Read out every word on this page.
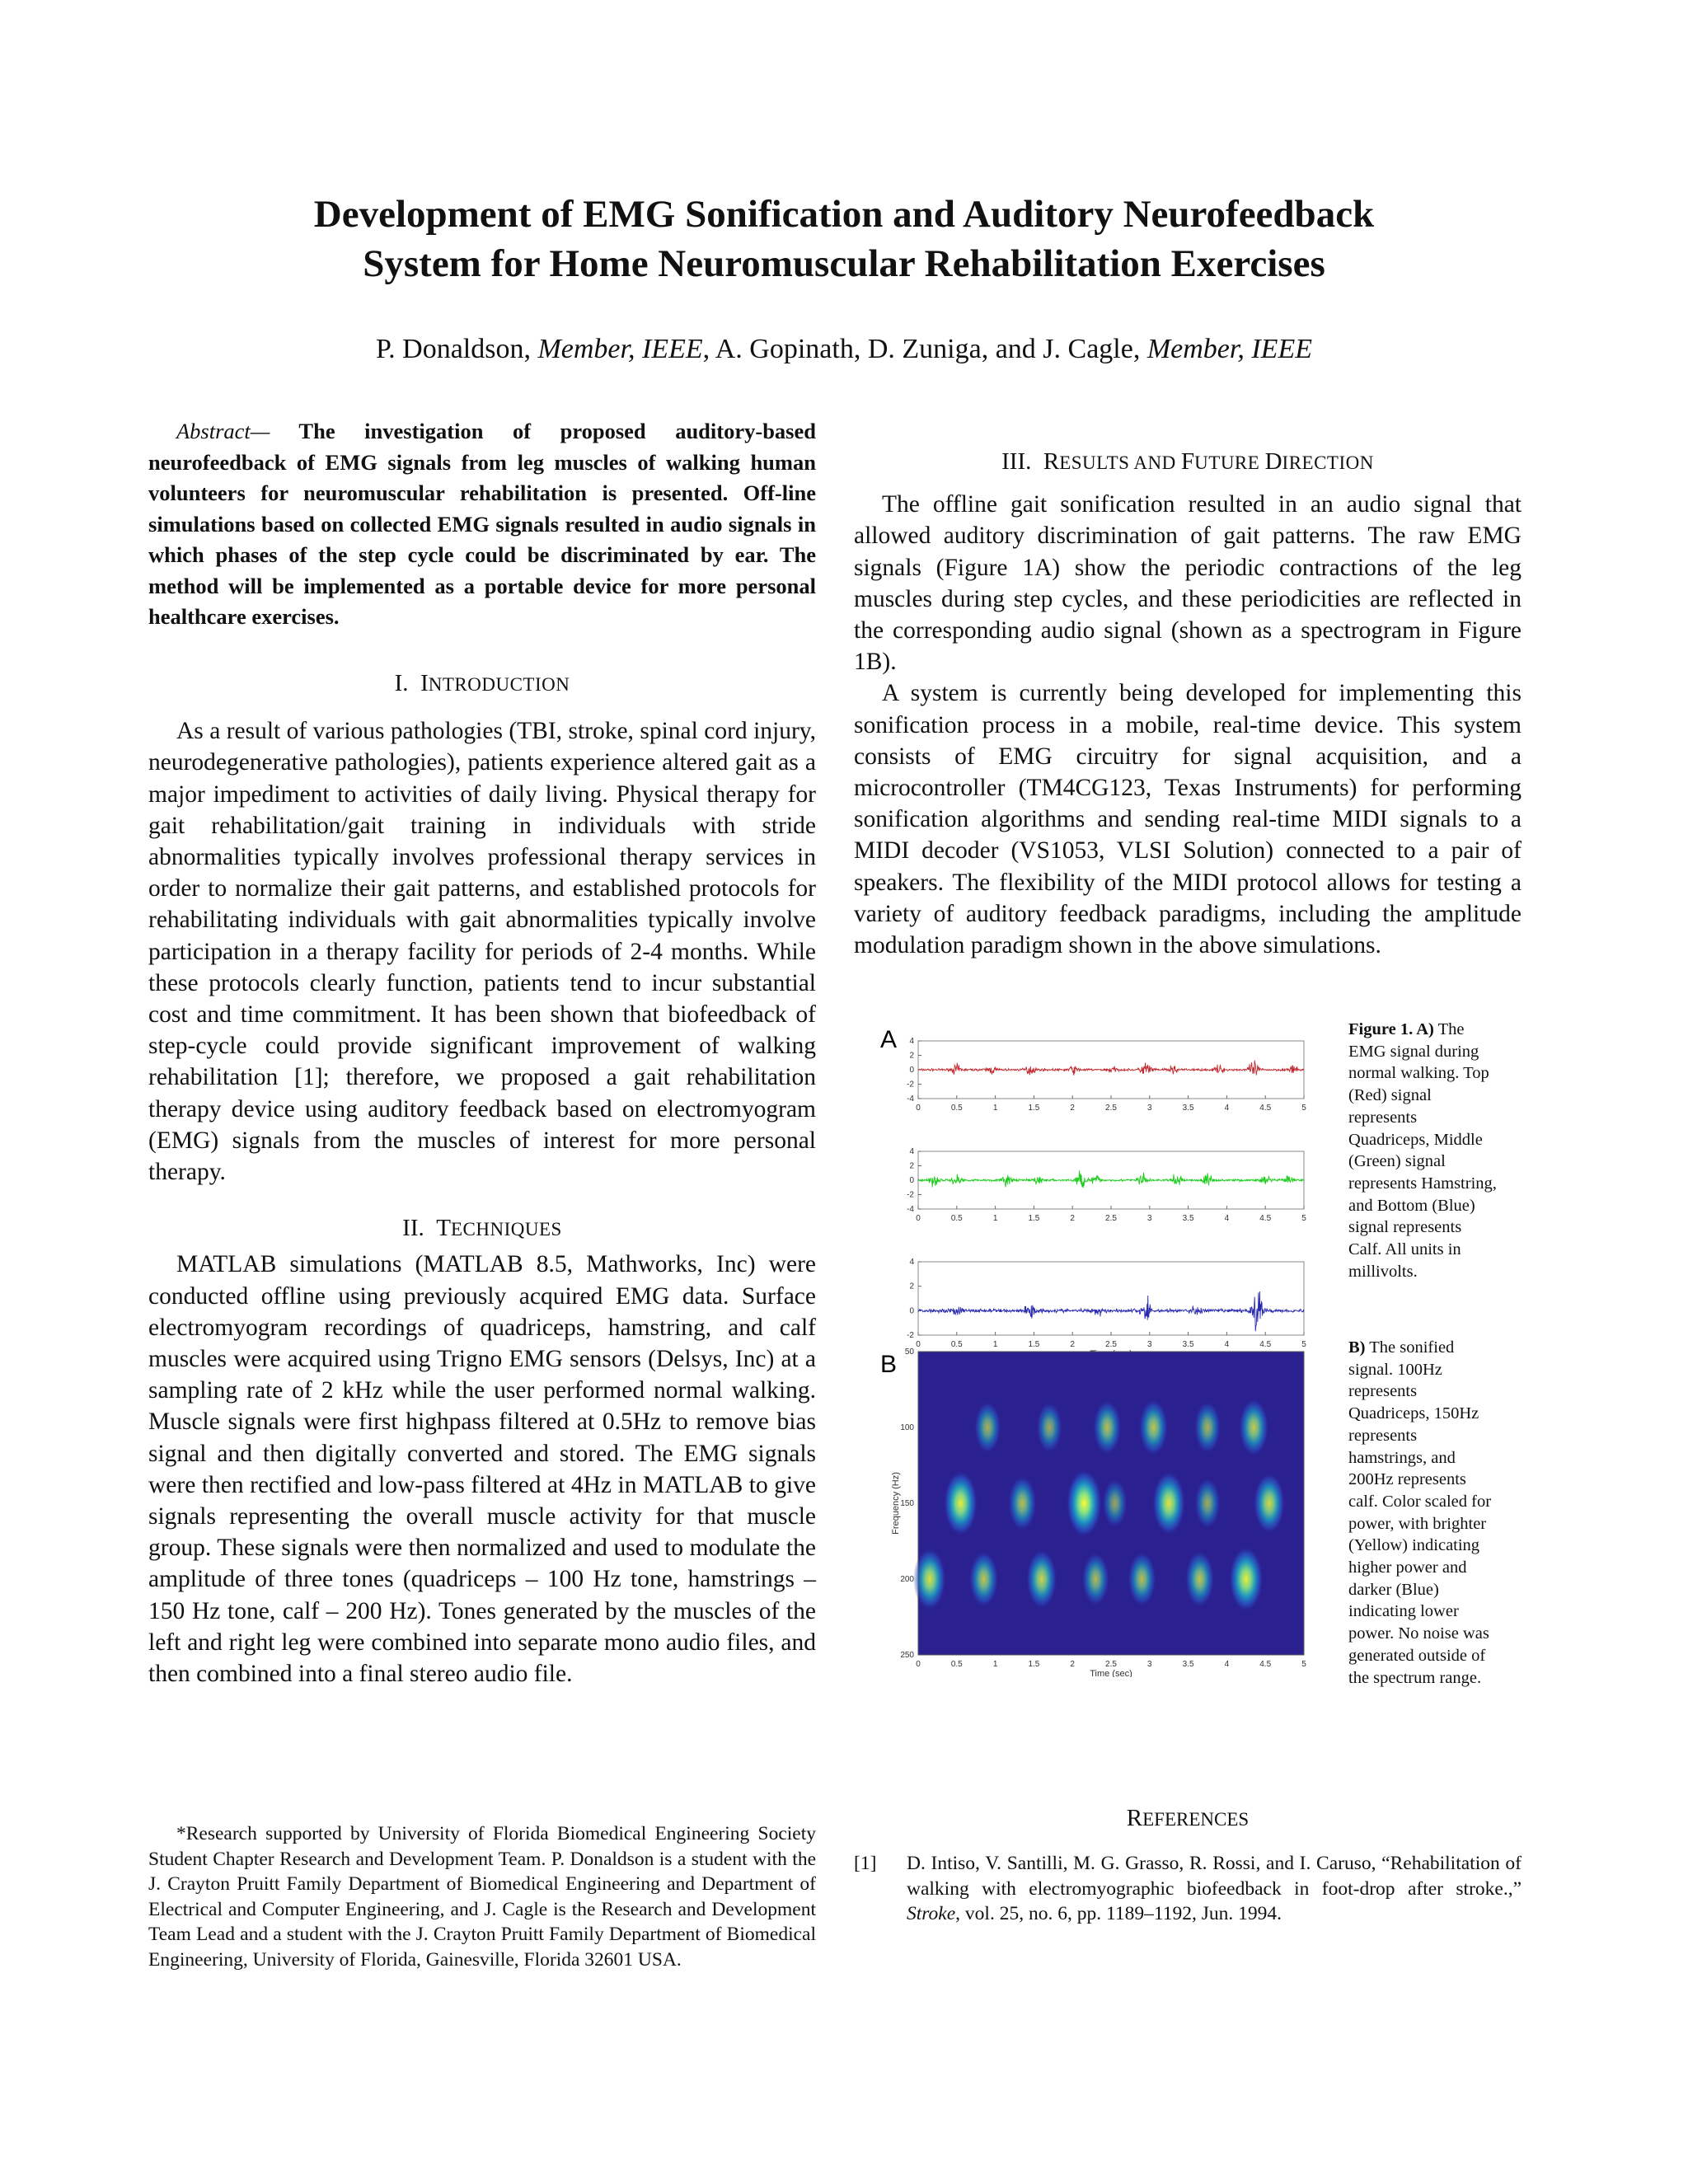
Development of EMG Sonification and Auditory Neurofeedback
System for Home Neuromuscular Rehabilitation Exercises
P. Donaldson, Member, IEEE, A. Gopinath, D. Zuniga, and J. Cagle, Member, IEEE
Abstract— The investigation of proposed auditory-based neurofeedback of EMG signals from leg muscles of walking human volunteers for neuromuscular rehabilitation is presented. Off-line simulations based on collected EMG signals resulted in audio signals in which phases of the step cycle could be discriminated by ear. The method will be implemented as a portable device for more personal healthcare exercises.

I. INTRODUCTION

As a result of various pathologies (TBI, stroke, spinal cord injury, neurodegenerative pathologies), patients experience altered gait as a major impediment to activities of daily living. Physical therapy for gait rehabilitation/gait training in individuals with stride abnormalities typically involves professional therapy services in order to normalize their gait patterns, and established protocols for rehabilitating individuals with gait abnormalities typically involve participation in a therapy facility for periods of 2-4 months. While these protocols clearly function, patients tend to incur substantial cost and time commitment. It has been shown that biofeedback of step-cycle could provide significant improvement of walking rehabilitation [1]; therefore, we proposed a gait rehabilitation therapy device using auditory feedback based on electromyogram (EMG) signals from the muscles of interest for more personal therapy.

II. TECHNIQUES

MATLAB simulations (MATLAB 8.5, Mathworks, Inc) were conducted offline using previously acquired EMG data. Surface electromyogram recordings of quadriceps, hamstring, and calf muscles were acquired using Trigno EMG sensors (Delsys, Inc) at a sampling rate of 2 kHz while the user performed normal walking. Muscle signals were first highpass filtered at 0.5Hz to remove bias signal and then digitally converted and stored. The EMG signals were then rectified and low-pass filtered at 4Hz in MATLAB to give signals representing the overall muscle activity for that muscle group. These signals were then normalized and used to modulate the amplitude of three tones (quadriceps – 100 Hz tone, hamstrings – 150 Hz tone, calf – 200 Hz). Tones generated by the muscles of the left and right leg were combined into separate mono audio files, and then combined into a final stereo audio file.

*Research supported by University of Florida Biomedical Engineering Society Student Chapter Research and Development Team. P. Donaldson is a student with the J. Crayton Pruitt Family Department of Biomedical Engineering and Department of Electrical and Computer Engineering, and J. Cagle is the Research and Development Team Lead and a student with the J. Crayton Pruitt Family Department of Biomedical Engineering, University of Florida, Gainesville, Florida 32601 USA.

III. RESULTS AND FUTURE DIRECTION

The offline gait sonification resulted in an audio signal that allowed auditory discrimination of gait patterns. The raw EMG signals (Figure 1A) show the periodic contractions of the leg muscles during step cycles, and these periodicities are reflected in the corresponding audio signal (shown as a spectrogram in Figure 1B).

A system is currently being developed for implementing this sonification process in a mobile, real-time device. This system consists of EMG circuitry for signal acquisition, and a microcontroller (TM4CG123, Texas Instruments) for performing sonification algorithms and sending real-time MIDI signals to a MIDI decoder (VS1053, VLSI Solution) connected to a pair of speakers. The flexibility of the MIDI protocol allows for testing a variety of auditory feedback paradigms, including the amplitude modulation paradigm shown in the above simulations.

A
B
0	0.5	1	1.5	2	2.5	3	3.5	4	4.5	5
4
2
0
-2
-4
0	0.5	1	1.5	2	2.5	3	3.5	4	4.5	5
4
2
0
-2
-4
0	0.5	1	1.5	2	2.5	3	3.5	4	4.5	5
4
2
0
-2
0	0.5	1	1.5	2	2.5	3	3.5	4	4.5	5
50
100
150
200
250
Time (sec)
Frequency (Hz)
Figure 1. A) The EMG signal during normal walking. Top (Red) signal represents Quadriceps, Middle (Green) signal represents Hamstring, and Bottom (Blue) signal represents Calf. All units in millivolts.
B) The sonified signal. 100Hz represents Quadriceps, 150Hz represents hamstrings, and 200Hz represents calf. Color scaled for power, with brighter (Yellow) indicating higher power and darker (Blue) indicating lower power. No noise was generated outside of the spectrum range.
REFERENCES
[1] D. Intiso, V. Santilli, M. G. Grasso, R. Rossi, and I. Caruso, “Rehabilitation of walking with electromyographic biofeedback in foot-drop after stroke.,” Stroke, vol. 25, no. 6, pp. 1189–1192, Jun. 1994.
